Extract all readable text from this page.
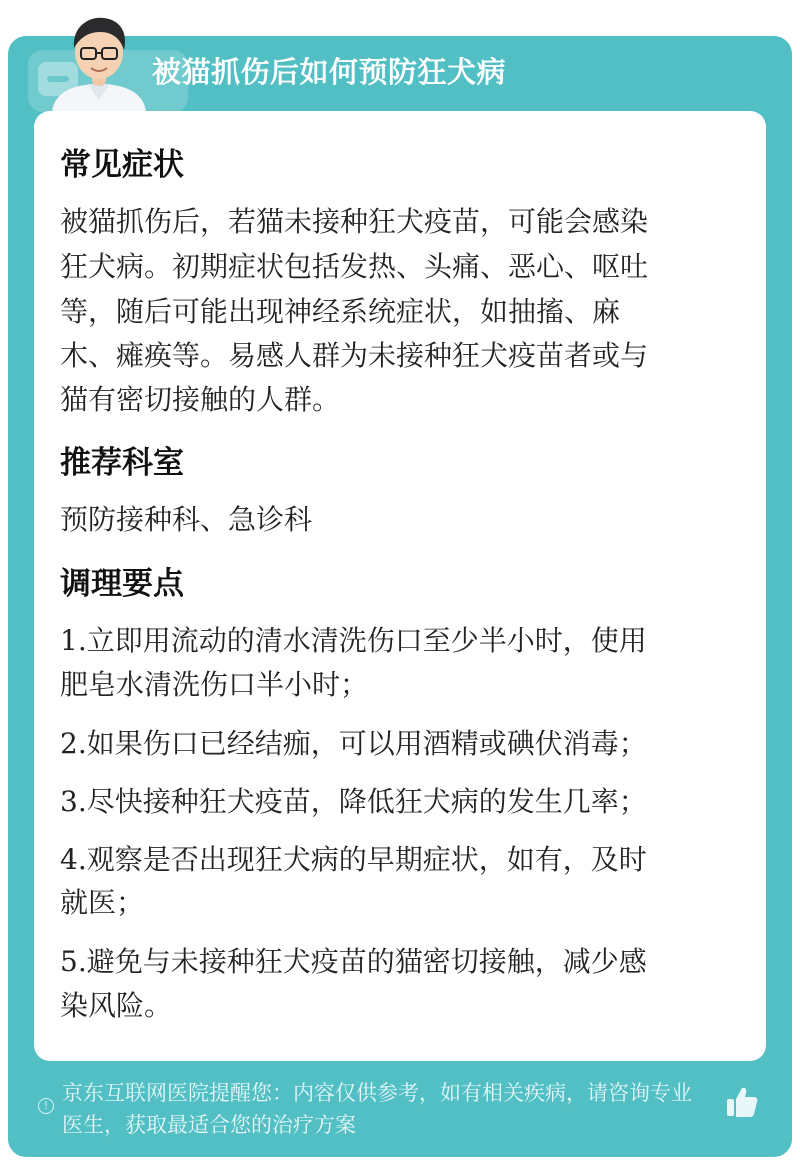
被猫抓伤后如何预防狂犬病
常见症状
被猫抓伤后，若猫未接种狂犬疫苗，可能会感染
狂犬病。初期症状包括发热、头痛、恶心、呕吐
等，随后可能出现神经系统症状，如抽搐、麻
木、瘫痪等。易感人群为未接种狂犬疫苗者或与
猫有密切接触的人群。
推荐科室
预防接种科、急诊科
调理要点
1.立即用流动的清水清洗伤口至少半小时，使用
肥皂水清洗伤口半小时；
2.如果伤口已经结痂，可以用酒精或碘伏消毒；
3.尽快接种狂犬疫苗，降低狂犬病的发生几率；
4.观察是否出现狂犬病的早期症状，如有，及时
就医；
5.避免与未接种狂犬疫苗的猫密切接触，减少感
染风险。
!
京东互联网医院提醒您：内容仅供参考，如有相关疾病，请咨询专业
医生，获取最适合您的治疗方案
